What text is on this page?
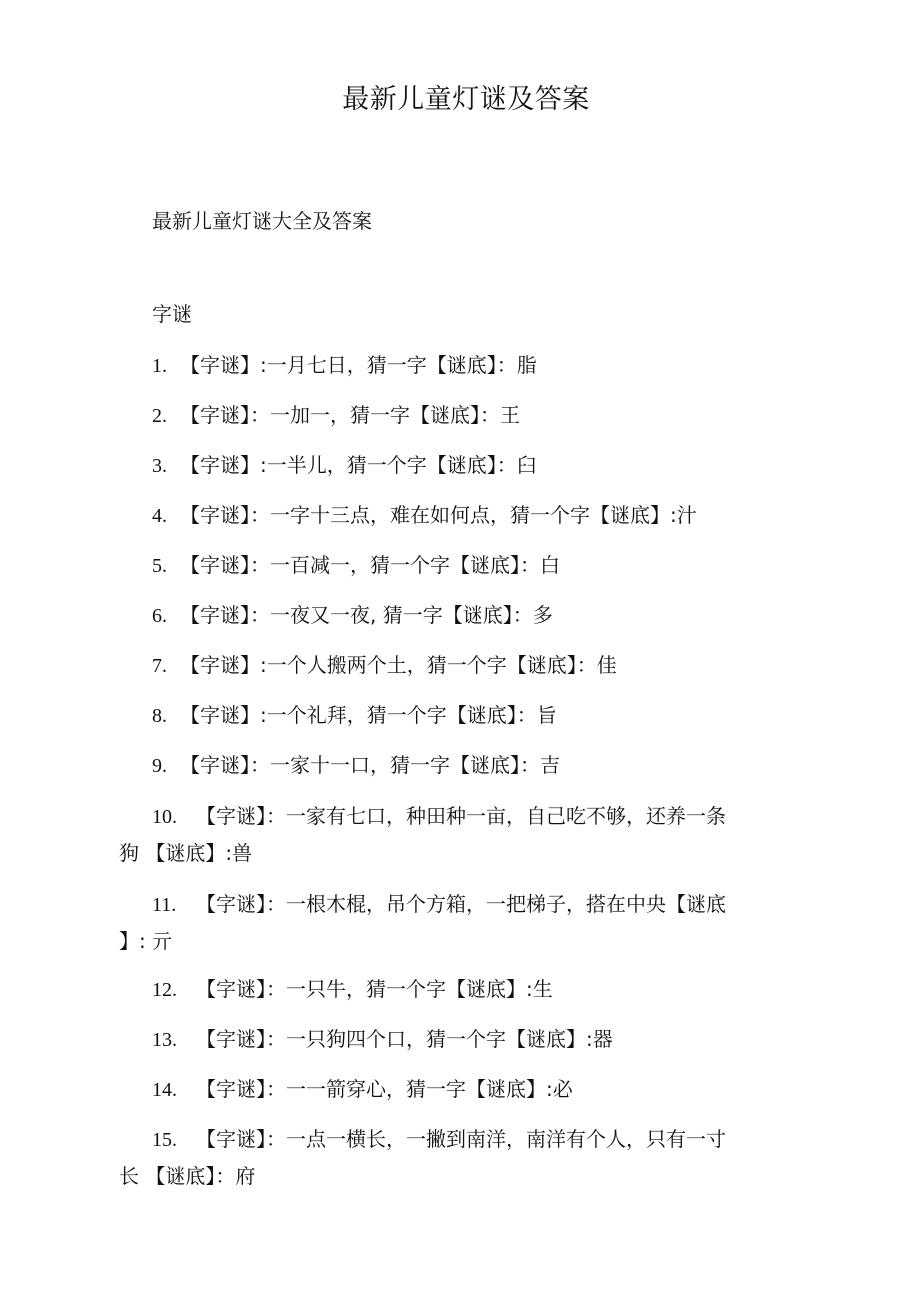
最新儿童灯谜及答案
最新儿童灯谜大全及答案
字谜
1. 【字谜】:一月七日，猜一字【谜底】：脂
2. 【字谜】：一加一，猜一字【谜底】：王
3. 【字谜】:一半儿，猜一个字【谜底】：臼
4. 【字谜】：一字十三点，难在如何点，猜一个字【谜底】:汁
5. 【字谜】：一百减一，猜一个字【谜底】：白
6. 【字谜】：一夜又一夜, 猜一字【谜底】：多
7. 【字谜】:一个人搬两个土，猜一个字【谜底】：佳
8. 【字谜】:一个礼拜，猜一个字【谜底】：旨
9. 【字谜】：一家十一口，猜一字【谜底】：吉
10. 【字谜】：一家有七口，种田种一亩，自己吃不够，还养一条
狗 【谜底】:兽
11. 【字谜】：一根木棍，吊个方箱，一把梯子，搭在中央【谜底
】: 亓
12. 【字谜】：一只牛，猜一个字【谜底】:生
13. 【字谜】：一只狗四个口，猜一个字【谜底】:器
14. 【字谜】：一一箭穿心，猜一字【谜底】:必
15. 【字谜】：一点一横长，一撇到南洋，南洋有个人，只有一寸
长 【谜底】：府
